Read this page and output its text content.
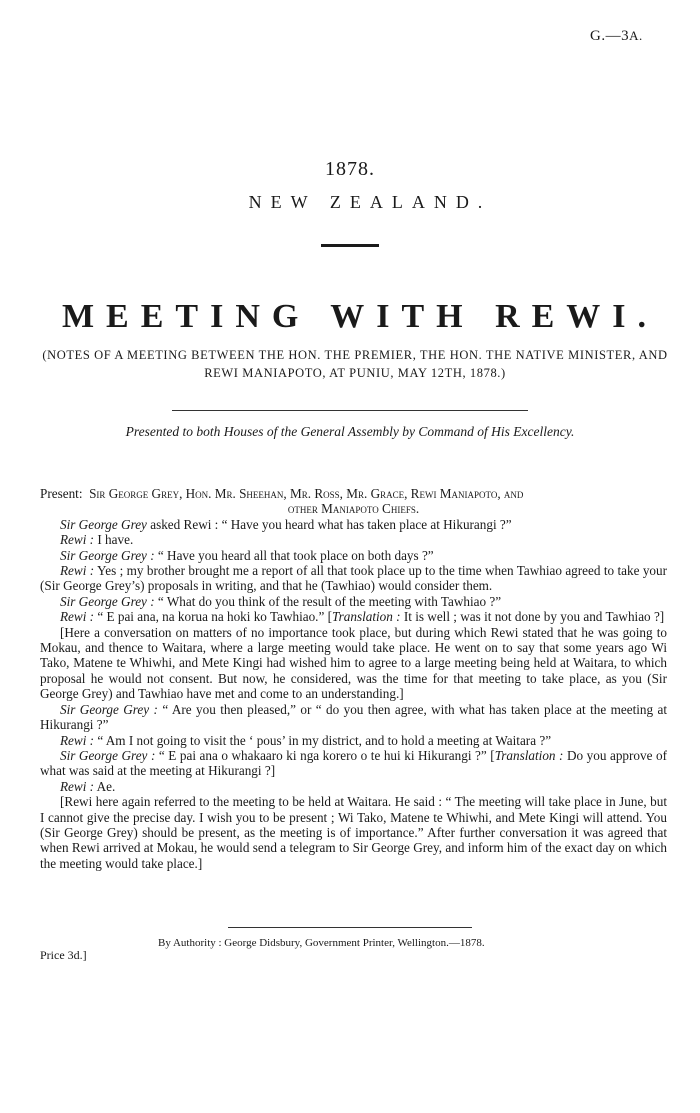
G.—3A.
1878.
NEW ZEALAND.
MEETING WITH REWI.
(NOTES OF A MEETING BETWEEN THE HON. THE PREMIER, THE HON. THE NATIVE MINISTER, AND REWI MANIAPOTO, AT PUNIU, MAY 12TH, 1878.)
Presented to both Houses of the General Assembly by Command of His Excellency.

Present: Sir George Grey, Hon. Mr. Sheehan, Mr. Ross, Mr. Grace, Rewi Maniapoto, and

other Maniapoto Chiefs.

Sir George Grey asked Rewi : “ Have you heard what has taken place at Hikurangi ?”

Rewi : I have.

Sir George Grey : “ Have you heard all that took place on both days ?”

Rewi : Yes ; my brother brought me a report of all that took place up to the time when Tawhiao agreed to take your (Sir George Grey’s) proposals in writing, and that he (Tawhiao) would consider them.

Sir George Grey : “ What do you think of the result of the meeting with Tawhiao ?”

Rewi : “ E pai ana, na korua na hoki ko Tawhiao.” [Translation : It is well ; was it not done by you and Tawhiao ?]

[Here a conversation on matters of no importance took place, but during which Rewi stated that he was going to Mokau, and thence to Waitara, where a large meeting would take place. He went on to say that some years ago Wi Tako, Matene te Whiwhi, and Mete Kingi had wished him to agree to a large meeting being held at Waitara, to which proposal he would not consent. But now, he considered, was the time for that meeting to take place, as you (Sir George Grey) and Tawhiao have met and come to an understanding.]

Sir George Grey : “ Are you then pleased,” or “ do you then agree, with what has taken place at the meeting at Hikurangi ?”

Rewi : “ Am I not going to visit the ‘ pous’ in my district, and to hold a meeting at Waitara ?”

Sir George Grey : “ E pai ana o whakaaro ki nga korero o te hui ki Hikurangi ?” [Translation : Do you approve of what was said at the meeting at Hikurangi ?]

Rewi : Ae.

[Rewi here again referred to the meeting to be held at Waitara. He said : “ The meeting will take place in June, but I cannot give the precise day. I wish you to be present ; Wi Tako, Matene te Whiwhi, and Mete Kingi will attend. You (Sir George Grey) should be present, as the meeting is of importance.” After further conversation it was agreed that when Rewi arrived at Mokau, he would send a telegram to Sir George Grey, and inform him of the exact day on which the meeting would take place.]

By Authority : George Didsbury, Government Printer, Wellington.—1878.
Price 3d.]
